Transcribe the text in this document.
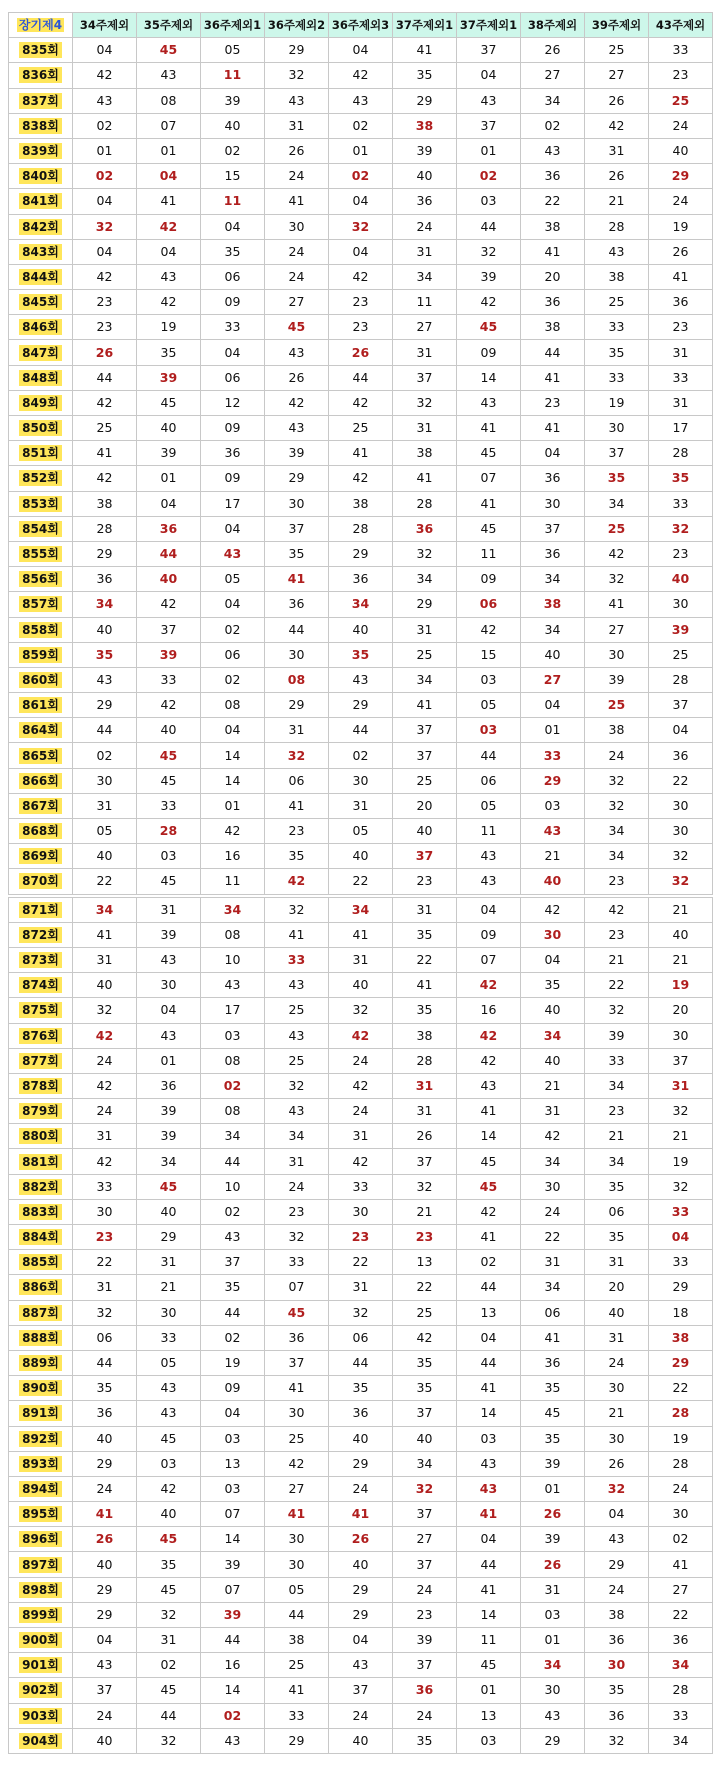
장기제4	34주제외	35주제외	36주제외1	36주제외2	36주제외3	37주제외1	37주제외1	38주제외	39주제외	43주제외
835회	04	45	05	29	04	41	37	26	25	33
836회	42	43	11	32	42	35	04	27	27	23
837회	43	08	39	43	43	29	43	34	26	25
838회	02	07	40	31	02	38	37	02	42	24
839회	01	01	02	26	01	39	01	43	31	40
840회	02	04	15	24	02	40	02	36	26	29
841회	04	41	11	41	04	36	03	22	21	24
842회	32	42	04	30	32	24	44	38	28	19
843회	04	04	35	24	04	31	32	41	43	26
844회	42	43	06	24	42	34	39	20	38	41
845회	23	42	09	27	23	11	42	36	25	36
846회	23	19	33	45	23	27	45	38	33	23
847회	26	35	04	43	26	31	09	44	35	31
848회	44	39	06	26	44	37	14	41	33	33
849회	42	45	12	42	42	32	43	23	19	31
850회	25	40	09	43	25	31	41	41	30	17
851회	41	39	36	39	41	38	45	04	37	28
852회	42	01	09	29	42	41	07	36	35	35
853회	38	04	17	30	38	28	41	30	34	33
854회	28	36	04	37	28	36	45	37	25	32
855회	29	44	43	35	29	32	11	36	42	23
856회	36	40	05	41	36	34	09	34	32	40
857회	34	42	04	36	34	29	06	38	41	30
858회	40	37	02	44	40	31	42	34	27	39
859회	35	39	06	30	35	25	15	40	30	25
860회	43	33	02	08	43	34	03	27	39	28
861회	29	42	08	29	29	41	05	04	25	37
864회	44	40	04	31	44	37	03	01	38	04
865회	02	45	14	32	02	37	44	33	24	36
866회	30	45	14	06	30	25	06	29	32	22
867회	31	33	01	41	31	20	05	03	32	30
868회	05	28	42	23	05	40	11	43	34	30
869회	40	03	16	35	40	37	43	21	34	32
870회	22	45	11	42	22	23	43	40	23	32
871회	34	31	34	32	34	31	04	42	42	21
872회	41	39	08	41	41	35	09	30	23	40
873회	31	43	10	33	31	22	07	04	21	21
874회	40	30	43	43	40	41	42	35	22	19
875회	32	04	17	25	32	35	16	40	32	20
876회	42	43	03	43	42	38	42	34	39	30
877회	24	01	08	25	24	28	42	40	33	37
878회	42	36	02	32	42	31	43	21	34	31
879회	24	39	08	43	24	31	41	31	23	32
880회	31	39	34	34	31	26	14	42	21	21
881회	42	34	44	31	42	37	45	34	34	19
882회	33	45	10	24	33	32	45	30	35	32
883회	30	40	02	23	30	21	42	24	06	33
884회	23	29	43	32	23	23	41	22	35	04
885회	22	31	37	33	22	13	02	31	31	33
886회	31	21	35	07	31	22	44	34	20	29
887회	32	30	44	45	32	25	13	06	40	18
888회	06	33	02	36	06	42	04	41	31	38
889회	44	05	19	37	44	35	44	36	24	29
890회	35	43	09	41	35	35	41	35	30	22
891회	36	43	04	30	36	37	14	45	21	28
892회	40	45	03	25	40	40	03	35	30	19
893회	29	03	13	42	29	34	43	39	26	28
894회	24	42	03	27	24	32	43	01	32	24
895회	41	40	07	41	41	37	41	26	04	30
896회	26	45	14	30	26	27	04	39	43	02
897회	40	35	39	30	40	37	44	26	29	41
898회	29	45	07	05	29	24	41	31	24	27
899회	29	32	39	44	29	23	14	03	38	22
900회	04	31	44	38	04	39	11	01	36	36
901회	43	02	16	25	43	37	45	34	30	34
902회	37	45	14	41	37	36	01	30	35	28
903회	24	44	02	33	24	24	13	43	36	33
904회	40	32	43	29	40	35	03	29	32	34
